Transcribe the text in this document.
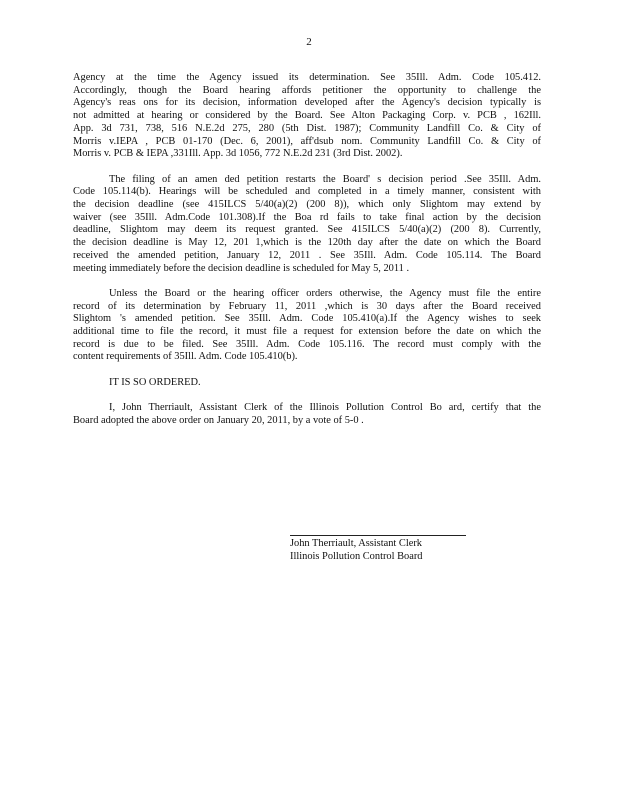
2

Agency at the time the Agency issued its determination. See 35Ill. Adm. Code 105.412.
Accordingly, though the Board hearing affords petitioner the opportunity to challenge the
Agency's reas ons for its decision, information developed after the Agency's decision typically is
not admitted at hearing or considered by the Board. See Alton Packaging Corp. v. PCB , 162Ill.
App. 3d 731, 738, 516 N.E.2d 275, 280 (5th Dist. 1987); Community Landfill Co. & City of
Morris v.IEPA , PCB 01-170 (Dec. 6, 2001), aff'dsub nom. Community Landfill Co. & City of
Morris v. PCB & IEPA ,331Ill. App. 3d 1056, 772 N.E.2d 231 (3rd Dist. 2002).

The filing of an amen ded petition restarts the Board' s decision period .See 35Ill. Adm.
Code 105.114(b). Hearings will be scheduled and completed in a timely manner, consistent with
the decision deadline (see 415ILCS 5/40(a)(2) (200 8)), which only Slightom may extend by
waiver (see 35Ill. Adm.Code 101.308).If the Boa rd fails to take final action by the decision
deadline, Slightom may deem its request granted. See 415ILCS 5/40(a)(2) (200 8). Currently,
the decision deadline is May 12, 201 1,which is the 120th day after the date on which the Board
received the amended petition, January 12, 2011 . See 35Ill. Adm. Code 105.114. The Board
meeting immediately before the decision deadline is scheduled for May 5, 2011 .

Unless the Board or the hearing officer orders otherwise, the Agency must file the entire
record of its determination by February 11, 2011 ,which is 30 days after the Board received
Slightom 's amended petition. See 35Ill. Adm. Code 105.410(a).If the Agency wishes to seek
additional time to file the record, it must file a request for extension before the date on which the
record is due to be filed. See 35Ill. Adm. Code 105.116. The record must comply with the
content requirements of 35Ill. Adm. Code 105.410(b).

IT IS SO ORDERED.

I, John Therriault, Assistant Clerk of the Illinois Pollution Control Bo ard, certify that the
Board adopted the above order on January 20, 2011, by a vote of 5-0 .

John Therriault, Assistant Clerk
Illinois Pollution Control Board
